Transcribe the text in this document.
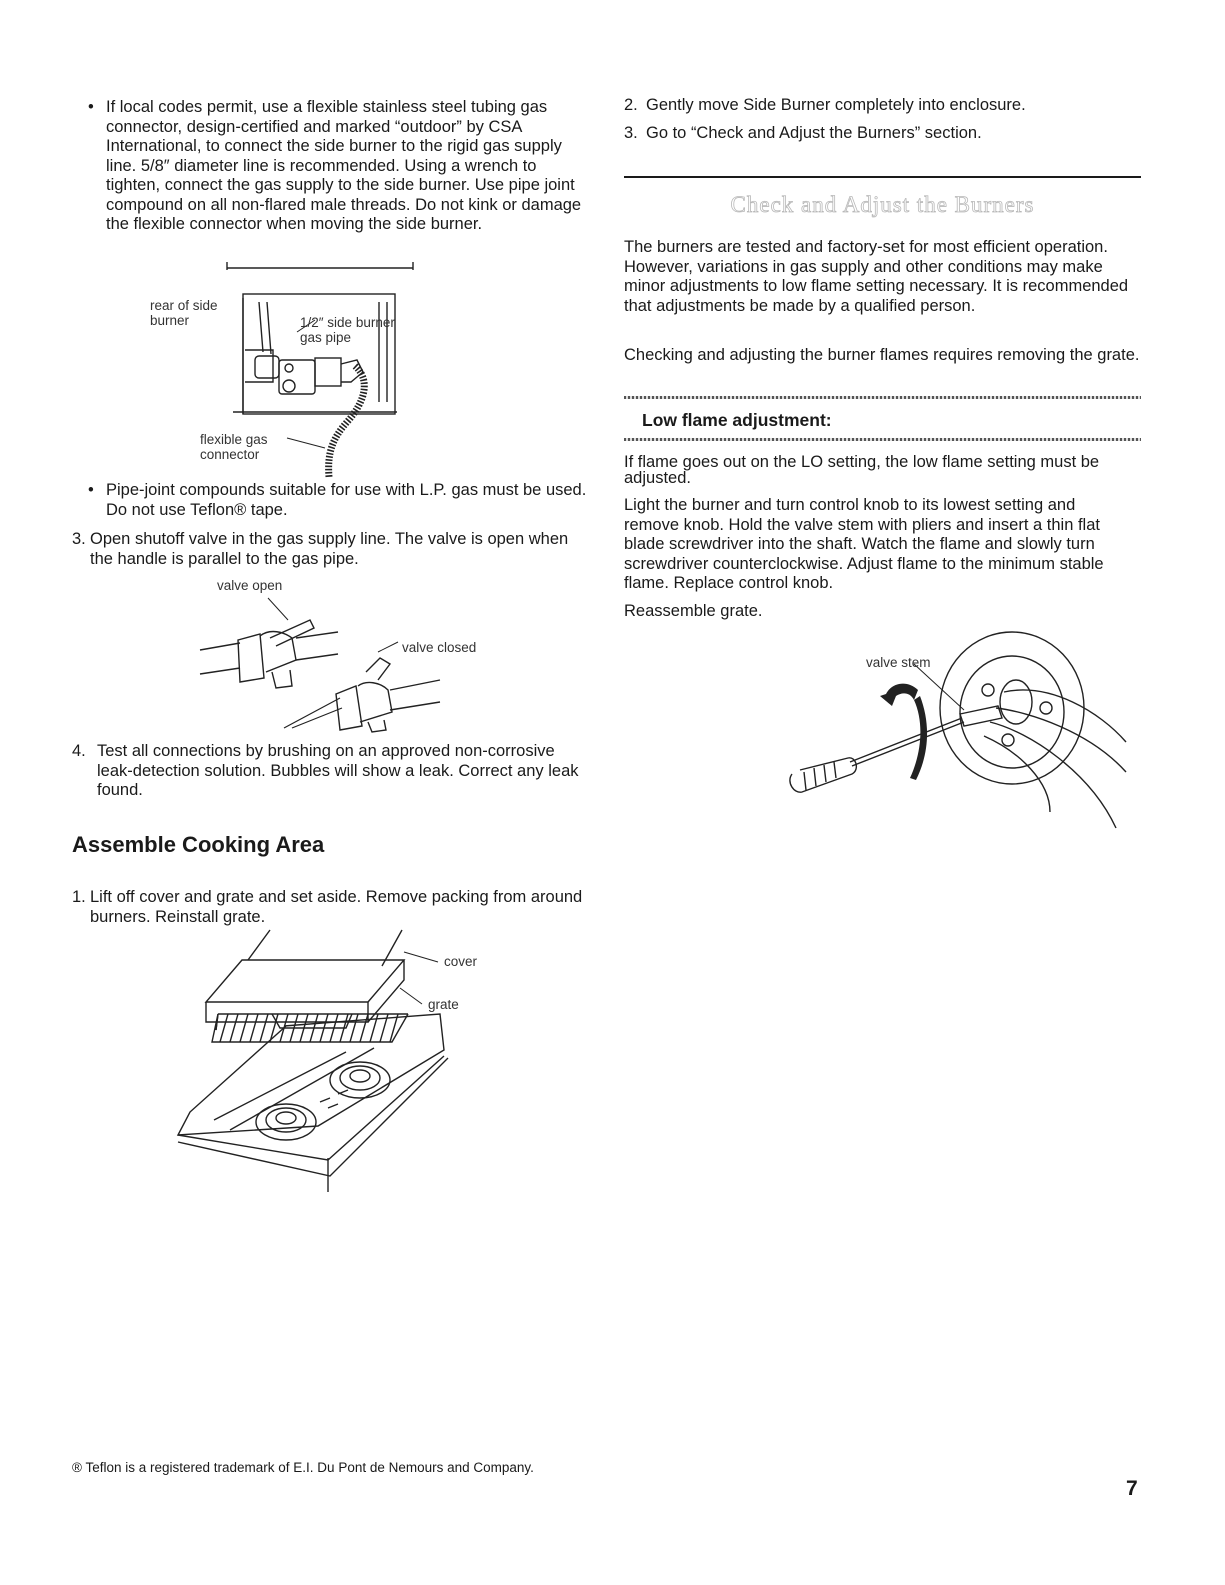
• If local codes permit, use a flexible stainless steel tubing gas connector, design-certified and marked “outdoor” by CSA International, to connect the side burner to the rigid gas supply line. 5/8″ diameter line is recommended. Using a wrench to tighten, connect the gas supply to the side burner. Use pipe joint compound on all non-flared male threads. Do not kink or damage the flexible connector when moving the side burner.
rear of side burner	1/2″ side burner gas pipe
flexible gas connector
• Pipe-joint compounds suitable for use with L.P. gas must be used. Do not use Teflon® tape.
3. Open shutoff valve in the gas supply line. The valve is open when the handle is parallel to the gas pipe.
valve open
valve closed
4. Test all connections by brushing on an approved non-corrosive leak-detection solution. Bubbles will show a leak. Correct any leak found.
Assemble Cooking Area
1. Lift off cover and grate and set aside. Remove packing from around burners. Reinstall grate.
cover
grate
2. Gently move Side Burner completely into enclosure.
3. Go to “Check and Adjust the Burners” section.
Check and Adjust the Burners
The burners are tested and factory-set for most efficient operation. However, variations in gas supply and other conditions may make minor adjustments to low flame setting necessary. It is recommended that adjustments be made by a qualified person.
Checking and adjusting the burner flames requires removing the grate.
Low flame adjustment:
If flame goes out on the LO setting, the low flame setting must be adjusted.
Light the burner and turn control knob to its lowest setting and remove knob. Hold the valve stem with pliers and insert a thin flat blade screwdriver into the shaft. Watch the flame and slowly turn screwdriver counterclockwise. Adjust flame to the minimum stable flame. Replace control knob.
Reassemble grate.
valve stem
® Teflon is a registered trademark of E.I. Du Pont de Nemours and Company.
7
